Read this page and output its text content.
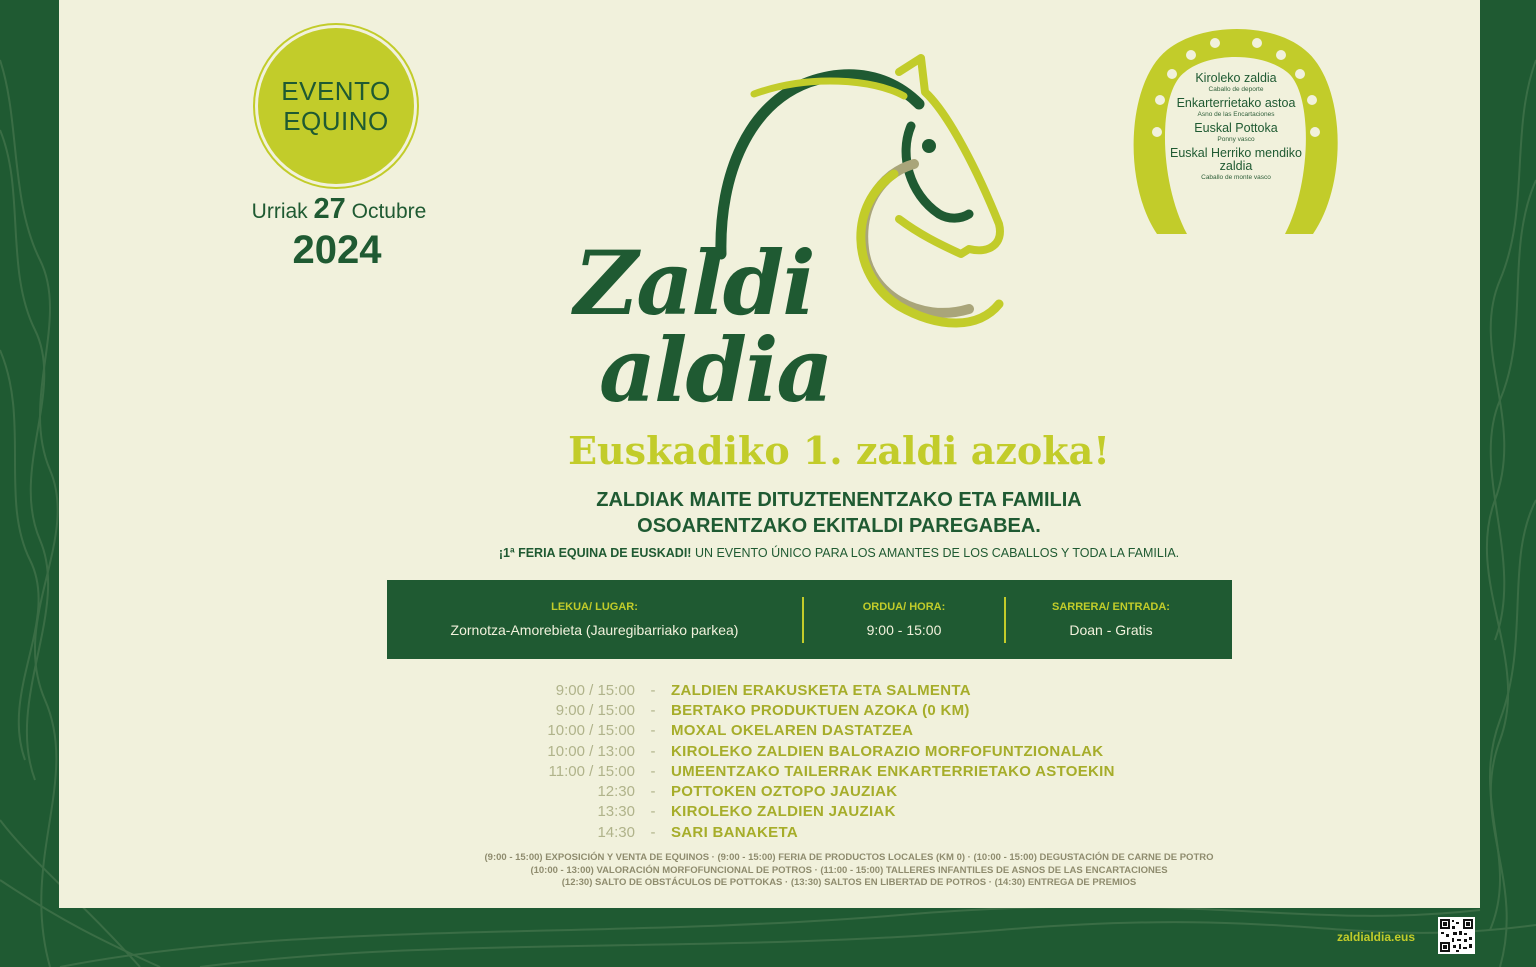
EVENTO
EQUINO
Urriak 27 Octubre
2024
Kiroleko zaldia
Caballo de deporte
Enkarterrietako astoa
Asno de las Encartaciones
Euskal Pottoka
Ponny vasco
Euskal Herriko mendiko zaldia
Caballo de monte vasco
Zaldi
aldia
Euskadiko 1. zaldi azoka!
ZALDIAK MAITE DITUZTENENTZAKO ETA FAMILIA
OSOARENTZAKO EKITALDI PAREGABEA.
¡1ª FERIA EQUINA DE EUSKADI! UN EVENTO ÚNICO PARA LOS AMANTES DE LOS CABALLOS Y TODA LA FAMILIA.
LEKUA/ LUGAR:
Zornotza-Amorebieta (Jauregibarriako parkea)
ORDUA/ HORA:
9:00 - 15:00
SARRERA/ ENTRADA:
Doan - Gratis
9:00 / 15:00	-	ZALDIEN ERAKUSKETA ETA SALMENTA
9:00 / 15:00	-	BERTAKO PRODUKTUEN AZOKA (0 KM)
10:00 / 15:00	-	MOXAL OKELAREN DASTATZEA
10:00 / 13:00	-	KIROLEKO ZALDIEN BALORAZIO MORFOFUNTZIONALAK
11:00 / 15:00	-	UMEENTZAKO TAILERRAK ENKARTERRIETAKO ASTOEKIN
12:30	-	POTTOKEN OZTOPO JAUZIAK
13:30	-	KIROLEKO ZALDIEN JAUZIAK
14:30	-	SARI BANAKETA
(9:00 - 15:00) EXPOSICIÓN Y VENTA DE EQUINOS · (9:00 - 15:00) FERIA DE PRODUCTOS LOCALES (KM 0) · (10:00 - 15:00) DEGUSTACIÓN DE CARNE DE POTRO
(10:00 - 13:00) VALORACIÓN MORFOFUNCIONAL DE POTROS · (11:00 - 15:00) TALLERES INFANTILES DE ASNOS DE LAS ENCARTACIONES
(12:30) SALTO DE OBSTÁCULOS DE POTTOKAS · (13:30) SALTOS EN LIBERTAD DE POTROS · (14:30) ENTREGA DE PREMIOS
zaldialdia.eus
